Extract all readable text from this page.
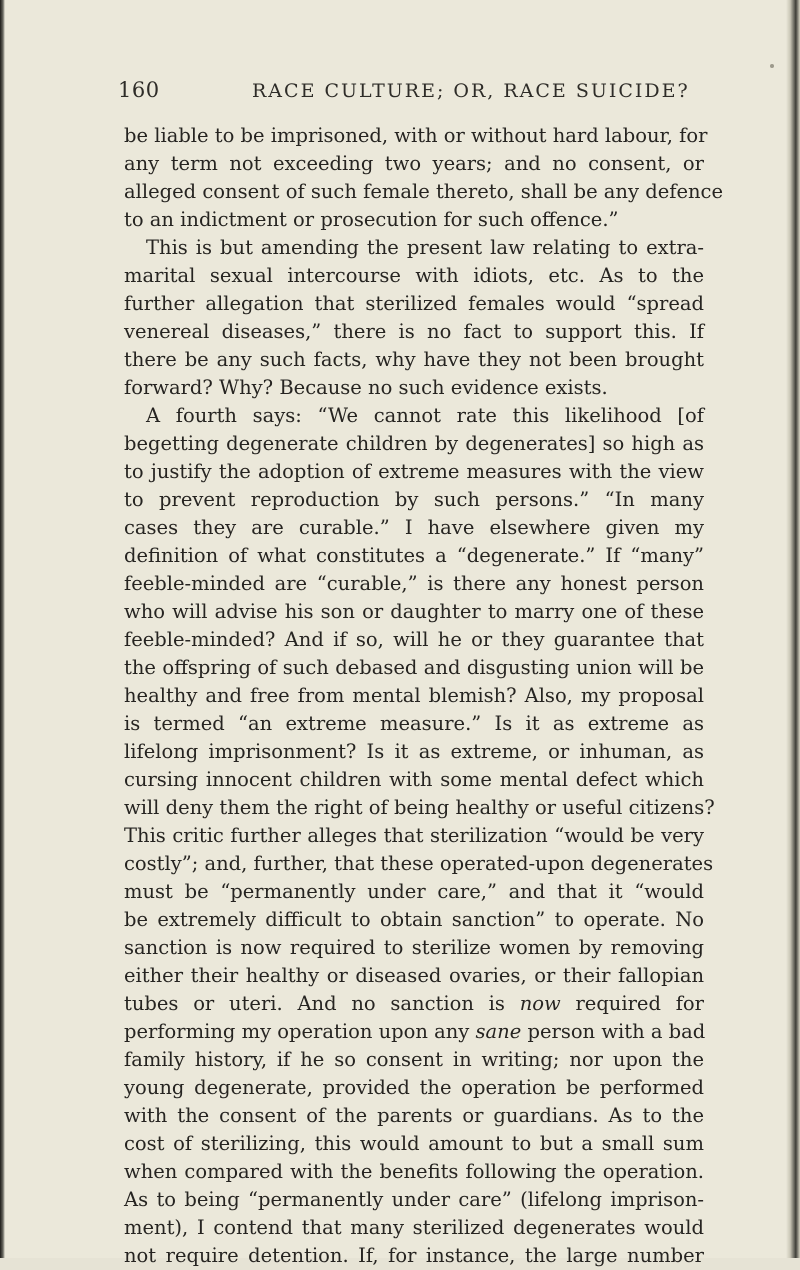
160	RACE CULTURE; OR, RACE SUICIDE?
be liable to be imprisoned, with or without hard labour, for
any term not exceeding two years; and no consent, or
alleged consent of such female thereto, shall be any defence
to an indictment or prosecution for such offence.”
This is but amending the present law relating to extra-
marital sexual intercourse with idiots, etc. As to the
further allegation that sterilized females would “spread
venereal diseases,” there is no fact to support this. If
there be any such facts, why have they not been brought
forward? Why? Because no such evidence exists.
A fourth says: “We cannot rate this likelihood [of
begetting degenerate children by degenerates] so high as
to justify the adoption of extreme measures with the view
to prevent reproduction by such persons.” “In many
cases they are curable.” I have elsewhere given my
definition of what constitutes a “degenerate.” If “many”
feeble-minded are “curable,” is there any honest person
who will advise his son or daughter to marry one of these
feeble-minded? And if so, will he or they guarantee that
the offspring of such debased and disgusting union will be
healthy and free from mental blemish? Also, my proposal
is termed “an extreme measure.” Is it as extreme as
lifelong imprisonment? Is it as extreme, or inhuman, as
cursing innocent children with some mental defect which
will deny them the right of being healthy or useful citizens?
This critic further alleges that sterilization “would be very
costly”; and, further, that these operated-upon degenerates
must be “permanently under care,” and that it “would
be extremely difficult to obtain sanction” to operate. No
sanction is now required to sterilize women by removing
either their healthy or diseased ovaries, or their fallopian
tubes or uteri. And no sanction is now required for
performing my operation upon any sane person with a bad
family history, if he so consent in writing; nor upon the
young degenerate, provided the operation be performed
with the consent of the parents or guardians. As to the
cost of sterilizing, this would amount to but a small sum
when compared with the benefits following the operation.
As to being “permanently under care” (lifelong imprison-
ment), I contend that many sterilized degenerates would
not require detention. If, for instance, the large number
